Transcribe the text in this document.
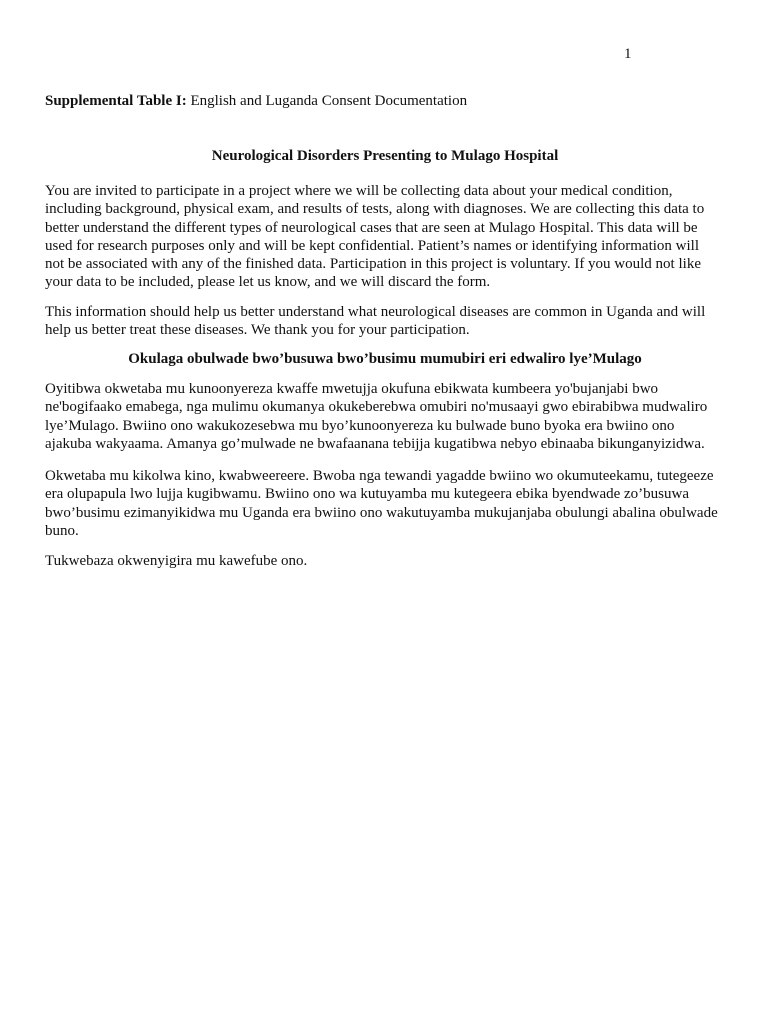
1
Supplemental Table I: English and Luganda Consent Documentation
Neurological Disorders Presenting to Mulago Hospital

You are invited to participate in a project where we will be collecting data about your medical condition,
including background, physical exam, and results of tests, along with diagnoses. We are collecting this data to
better understand the different types of neurological cases that are seen at Mulago Hospital. This data will be
used for research purposes only and will be kept confidential. Patient’s names or identifying information will
not be associated with any of the finished data. Participation in this project is voluntary. If you would not like
your data to be included, please let us know, and we will discard the form.

This information should help us better understand what neurological diseases are common in Uganda and will
help us better treat these diseases. We thank you for your participation.

Okulaga obulwade bwo’busuwa bwo’busimu mumubiri eri edwaliro lye’Mulago

Oyitibwa okwetaba mu kunoonyereza kwaffe mwetujja okufuna ebikwata kumbeera yo'bujanjabi bwo
ne'bogifaako emabega, nga mulimu okumanya okukeberebwa omubiri no'musaayi gwo ebirabibwa mudwaliro
lye’Mulago. Bwiino ono wakukozesebwa mu byo’kunoonyereza ku bulwade buno byoka era bwiino ono
ajakuba wakyaama. Amanya go’mulwade ne bwafaanana tebijja kugatibwa nebyo ebinaaba bikunganyizidwa.

Okwetaba mu kikolwa kino, kwabweereere. Bwoba nga tewandi yagadde bwiino wo okumuteekamu, tutegeeze
era olupapula lwo lujja kugibwamu. Bwiino ono wa kutuyamba mu kutegeera ebika byendwade zo’busuwa
bwo’busimu ezimanyikidwa mu Uganda era bwiino ono wakutuyamba mukujanjaba obulungi abalina obulwade
buno.

Tukwebaza okwenyigira mu kawefube ono.
